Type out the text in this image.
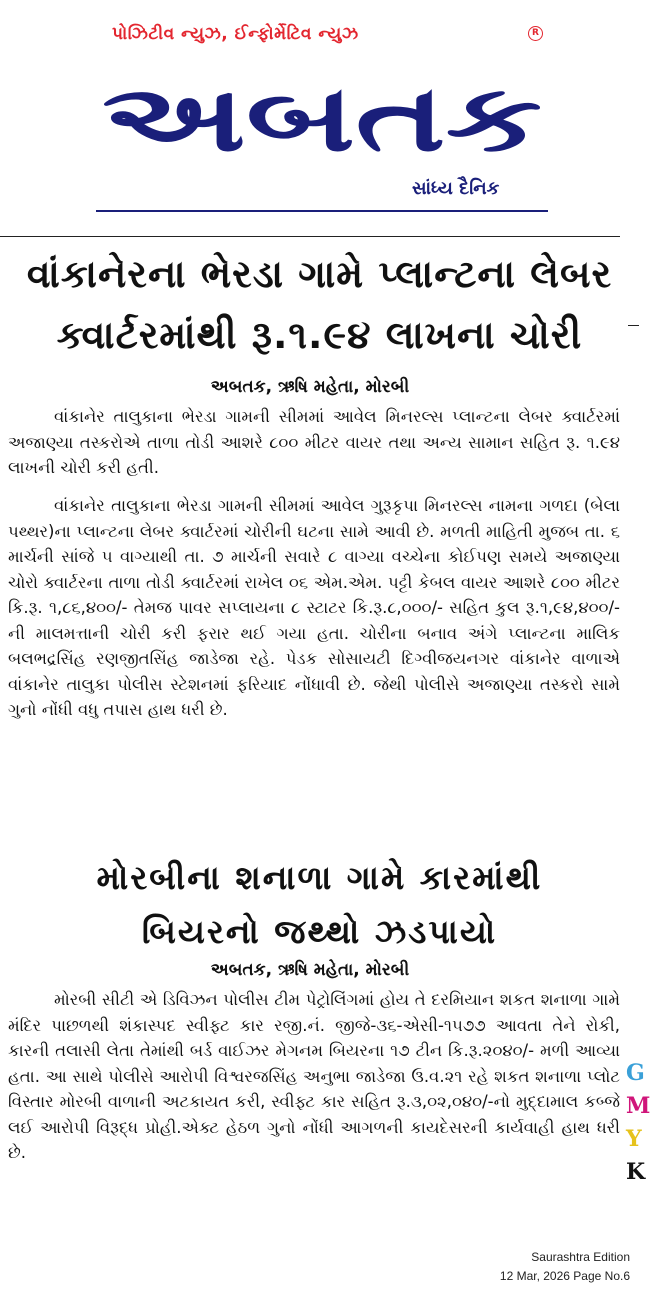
પોઝિટીવ ન્યુઝ, ઈન્ફોર્મેટિવ ન્યુઝ	R
અબતક
સાંધ્ય દૈનિક
વાંકાનેરના ભેરડા ગામે પ્લાન્ટના લેબર
ક્વાર્ટરમાંથી રૂ.૧.૯૪ લાખના ચોરી
અબતક, ઋષિ મહેતા, મોરબી
વાંકાનેર તાલુકાના ભેરડા ગામની સીમમાં આવેલ મિનરલ્સ પ્લાન્ટના લેબર ક્વાર્ટરમાં અજાણ્યા તસ્કરોએ તાળા તોડી આશરે ૮૦૦ મીટર વાયર તથા અન્ય સામાન સહિત રૂ. ૧.૯૪ લાખની ચોરી કરી હતી.
વાંકાનેર તાલુકાના ભેરડા ગામની સીમમાં આવેલ ગુરૂકૃપા મિનરલ્સ નામના ગળદા (બેલા પથ્થર)ના પ્લાન્ટના લેબર ક્વાર્ટરમાં ચોરીની ઘટના સામે આવી છે. મળતી માહિતી મુજબ તા. ૬ માર્ચની સાંજે ૫ વાગ્યાથી તા. ૭ માર્ચની સવારે ૮ વાગ્યા વચ્ચેના કોઈપણ સમયે અજાણ્યા ચોરો ક્વાર્ટરના તાળા તોડી ક્વાર્ટરમાં રાખેલ ૦૬ એમ.એમ. પટ્ટી કેબલ વાયર આશરે ૮૦૦ મીટર કિ.રૂ. ૧,૮૬,૪૦૦/- તેમજ પાવર સપ્લાયના ૮ સ્ટાટર કિ.રૂ.૮,૦૦૦/- સહિત કુલ રૂ.૧,૯૪,૪૦૦/-ની માલમત્તાની ચોરી કરી ફરાર થઈ ગયા હતા. ચોરીના બનાવ અંગે પ્લાન્ટના માલિક બલભદ્રસિંહ રણજીતસિંહ જાડેજા રહે. પેડક સોસાયટી દિગ્વીજયનગર વાંકાનેર વાળાએ વાંકાનેર તાલુકા પોલીસ સ્ટેશનમાં ફરિયાદ નોંધાવી છે. જેથી પોલીસે અજાણ્યા તસ્કરો સામે ગુનો નોંધી વધુ તપાસ હાથ ધરી છે.
મોરબીના શનાળા ગામે કારમાંથી
બિયરનો જથ્થો ઝડપાયો
અબતક, ઋષિ મહેતા, મોરબી
મોરબી સીટી એ ડિવિઝન પોલીસ ટીમ પેટ્રોલિંગમાં હોય તે દરમિયાન શકત શનાળા ગામે મંદિર પાછળથી શંકાસ્પદ સ્વીફ્ટ કાર રજી.નં. જીજે-૩૬-એસી-૧૫૭૭ આવતા તેને રોકી, કારની તલાસી લેતા તેમાંથી બર્ડ વાઈઝર મેગનમ બિયરના ૧૭ ટીન કિ.રૂ.૨૦૪૦/- મળી આવ્યા હતા. આ સાથે પોલીસે આરોપી વિશ્વરજસિંહ અનુભા જાડેજા ઉ.વ.૨૧ રહે શકત શનાળા પ્લોટ વિસ્તાર મોરબી વાળાની અટકાયત કરી, સ્વીફ્ટ કાર સહિત રૂ.૩,૦૨,૦૪૦/-નો મુદ્દામાલ કબ્જે લઈ આરોપી વિરૂદ્ધ પ્રોહી.એક્ટ હેઠળ ગુનો નોંધી આગળની કાયદેસરની કાર્યવાહી હાથ ધરી છે.
G
M
Y
K
Saurashtra Edition
12 Mar, 2026 Page No.6
